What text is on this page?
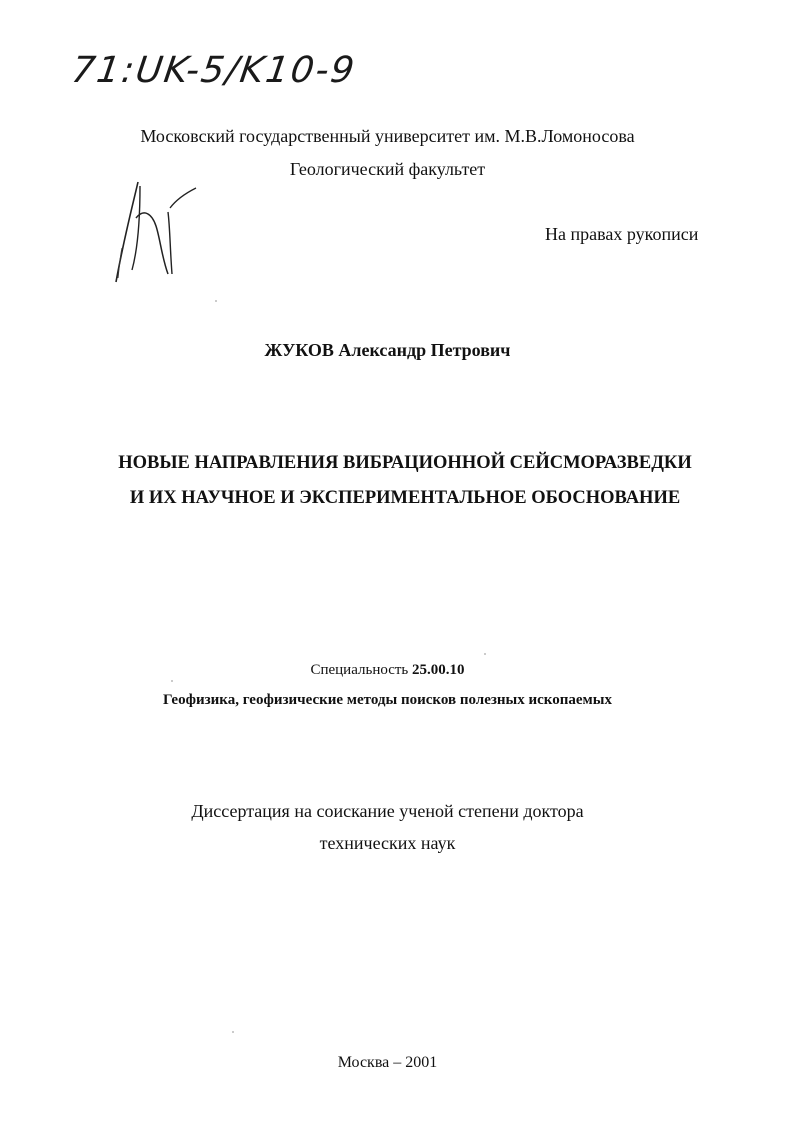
71:UK-5/K10-9
Московский государственный университет им. М.В.Ломоносова
Геологический факультет
На правах рукописи
ЖУКОВ Александр Петрович
НОВЫЕ НАПРАВЛЕНИЯ ВИБРАЦИОННОЙ СЕЙСМОРАЗВЕДКИ
И ИХ НАУЧНОЕ И ЭКСПЕРИМЕНТАЛЬНОЕ ОБОСНОВАНИЕ
Специальность 25.00.10
Геофизика, геофизические методы поисков полезных ископаемых
Диссертация на соискание ученой степени доктора
технических наук
Москва – 2001
